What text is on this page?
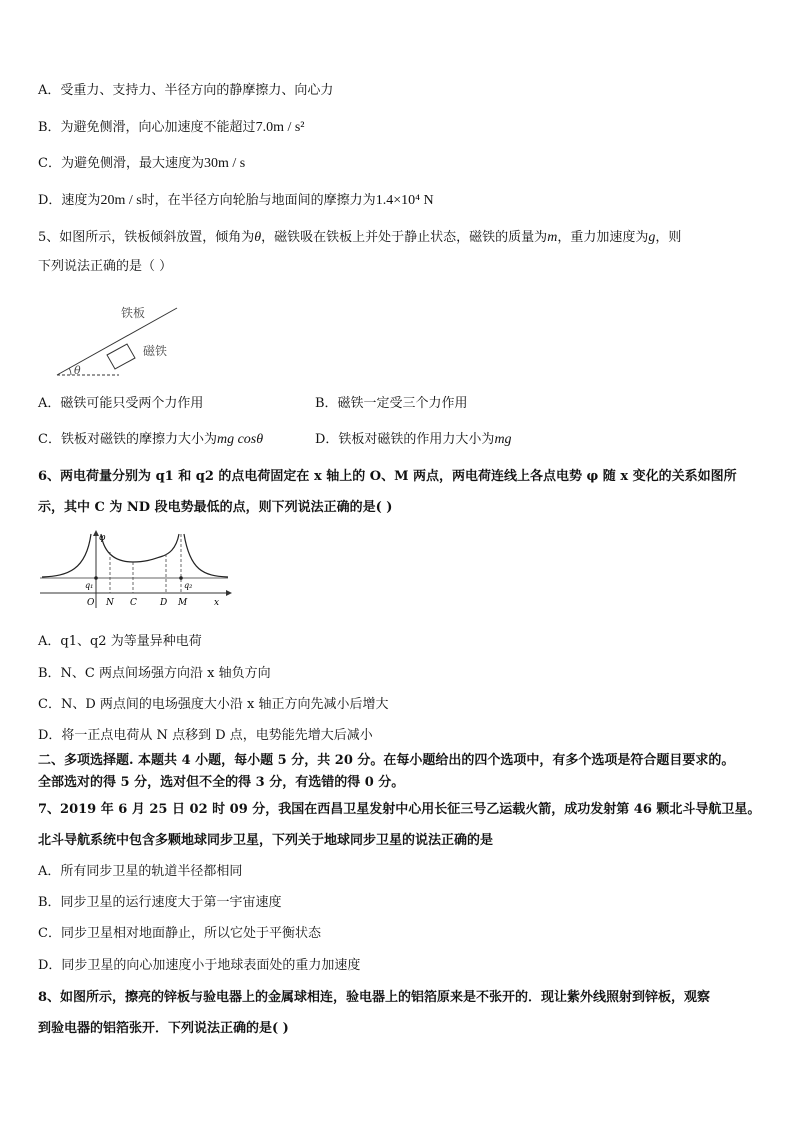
A．受重力、支持力、半径方向的静摩擦力、向心力
B．为避免侧滑，向心加速度不能超过7.0m / s²
C．为避免侧滑，最大速度为30m / s
D．速度为20m / s时，在半径方向轮胎与地面间的摩擦力为1.4×10⁴ N
5、如图所示，铁板倾斜放置，倾角为θ，磁铁吸在铁板上并处于静止状态，磁铁的质量为m，重力加速度为g，则
下列说法正确的是（ ）
铁板
磁铁
θ
A．磁铁可能只受两个力作用	B．磁铁一定受三个力作用
C．铁板对磁铁的摩擦力大小为mg cosθ	D．铁板对磁铁的作用力大小为mg
6、两电荷量分别为 q1 和 q2 的点电荷固定在 x 轴上的 O、M 两点，两电荷连线上各点电势 φ 随 x 变化的关系如图所
示，其中 C 为 ND 段电势最低的点，则下列说法正确的是( )
φ
q₁	q₂
O N C	D M	x
A．q1、q2 为等量异种电荷
B．N、C 两点间场强方向沿 x 轴负方向
C．N、D 两点间的电场强度大小沿 x 轴正方向先减小后增大
D．将一正点电荷从 N 点移到 D 点，电势能先增大后减小
二、多项选择题. 本题共 4 小题，每小题 5 分，共 20 分。在每小题给出的四个选项中，有多个选项是符合题目要求的。
全部选对的得 5 分，选对但不全的得 3 分，有选错的得 0 分。
7、2019 年 6 月 25 日 02 时 09 分，我国在西昌卫星发射中心用长征三号乙运载火箭，成功发射第 46 颗北斗导航卫星。
北斗导航系统中包含多颗地球同步卫星，下列关于地球同步卫星的说法正确的是
A．所有同步卫星的轨道半径都相同
B．同步卫星的运行速度大于第一宇宙速度
C．同步卫星相对地面静止，所以它处于平衡状态
D．同步卫星的向心加速度小于地球表面处的重力加速度
8、如图所示，擦亮的锌板与验电器上的金属球相连，验电器上的铝箔原来是不张开的．现让紫外线照射到锌板，观察
到验电器的铝箔张开．下列说法正确的是( )
